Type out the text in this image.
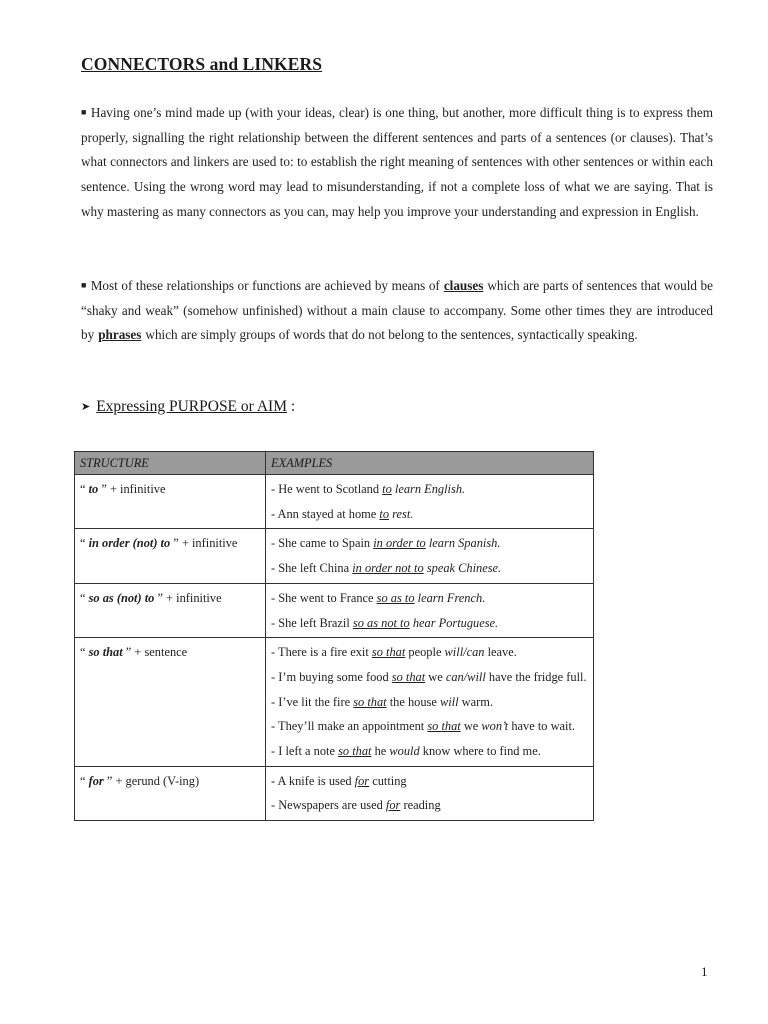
CONNECTORS and LINKERS
■ Having one’s mind made up (with your ideas, clear) is one thing, but another, more difficult thing is to express them properly, signalling the right relationship between the different sentences and parts of a sentences (or clauses). That’s what connectors and linkers are used to: to establish the right meaning of sentences with other sentences or within each sentence. Using the wrong word may lead to misunderstanding, if not a complete loss of what we are saying. That is why mastering as many connectors as you can, may help you improve your understanding and expression in English.
■ Most of these relationships or functions are achieved by means of clauses which are parts of sentences that would be “shaky and weak” (somehow unfinished) without a main clause to accompany. Some other times they are introduced by phrases which are simply groups of words that do not belong to the sentences, syntactically speaking.
➤ Expressing PURPOSE or AIM :
STRUCTURE	EXAMPLES
“ to ” + infinitive	- He went to Scotland to learn English.
- Ann stayed at home to rest.

“ in order (not) to ” + infinitive	- She came to Spain in order to learn Spanish.
- She left China in order not to speak Chinese.

“ so as (not) to ” + infinitive	- She went to France so as to learn French.
- She left Brazil so as not to hear Portuguese.

“ so that ” + sentence	- There is a fire exit so that people will/can leave.
- I’m buying some food so that we can/will have the fridge full.
- I’ve lit the fire so that the house will warm.
- They’ll make an appointment so that we won’t have to wait.
- I left a note so that he would know where to find me.

“ for ” + gerund (V-ing)	- A knife is used for cutting
- Newspapers are used for reading
1
